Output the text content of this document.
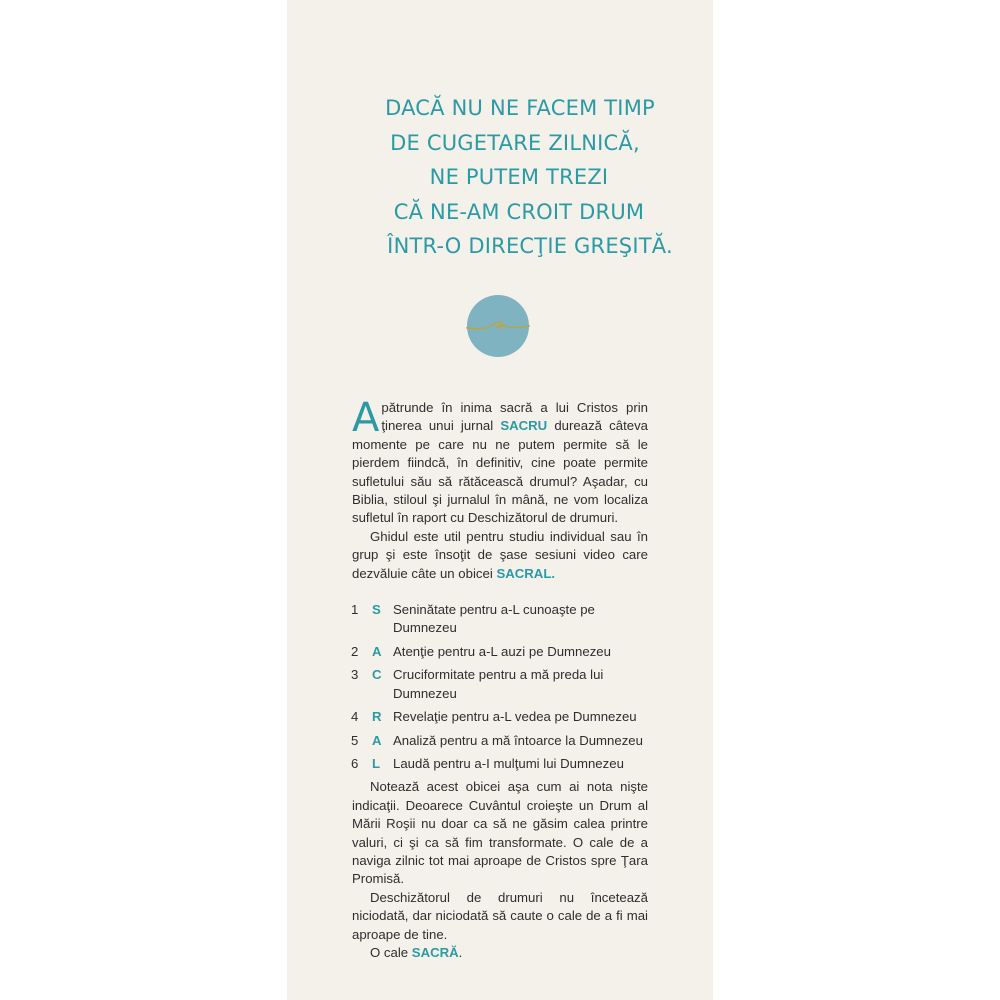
DACĂ NU NE FACEM TIMP
DE CUGETARE ZILNICĂ,
NE PUTEM TREZI
CĂ NE-AM CROIT DRUM
ÎNTR-O DIRECŢIE GREŞITĂ.

Apătrunde în inima sacră a lui Cristos prin ţinerea unui jurnal SACRU durează câteva momente pe care nu ne putem permite să le pierdem fiindcă, în definitiv, cine poate permite sufletului său să rătăcească drumul? Aşadar, cu Biblia, stiloul şi jurnalul în mână, ne vom localiza sufletul în raport cu Deschizătorul de drumuri.

Ghidul este util pentru studiu individual sau în grup şi este însoţit de şase sesiuni video care dezvăluie câte un obicei SACRAL.

1 S Seninătate pentru a-L cunoaşte pe Dumnezeu
2 A Atenţie pentru a-L auzi pe Dumnezeu
3 C Cruciformitate pentru a mă preda lui Dumnezeu
4 R Revelaţie pentru a-L vedea pe Dumnezeu
5 A Analiză pentru a mă întoarce la Dumnezeu
6 L Laudă pentru a-I mulţumi lui Dumnezeu

Notează acest obicei aşa cum ai nota nişte indicaţii. Deoarece Cuvântul croieşte un Drum al Mării Roşii nu doar ca să ne găsim calea printre valuri, ci şi ca să fim transformate. O cale de a naviga zilnic tot mai aproape de Cristos spre Ţara Promisă.

Deschizătorul de drumuri nu încetează niciodată, dar niciodată să caute o cale de a fi mai aproape de tine.

O cale SACRĂ.
